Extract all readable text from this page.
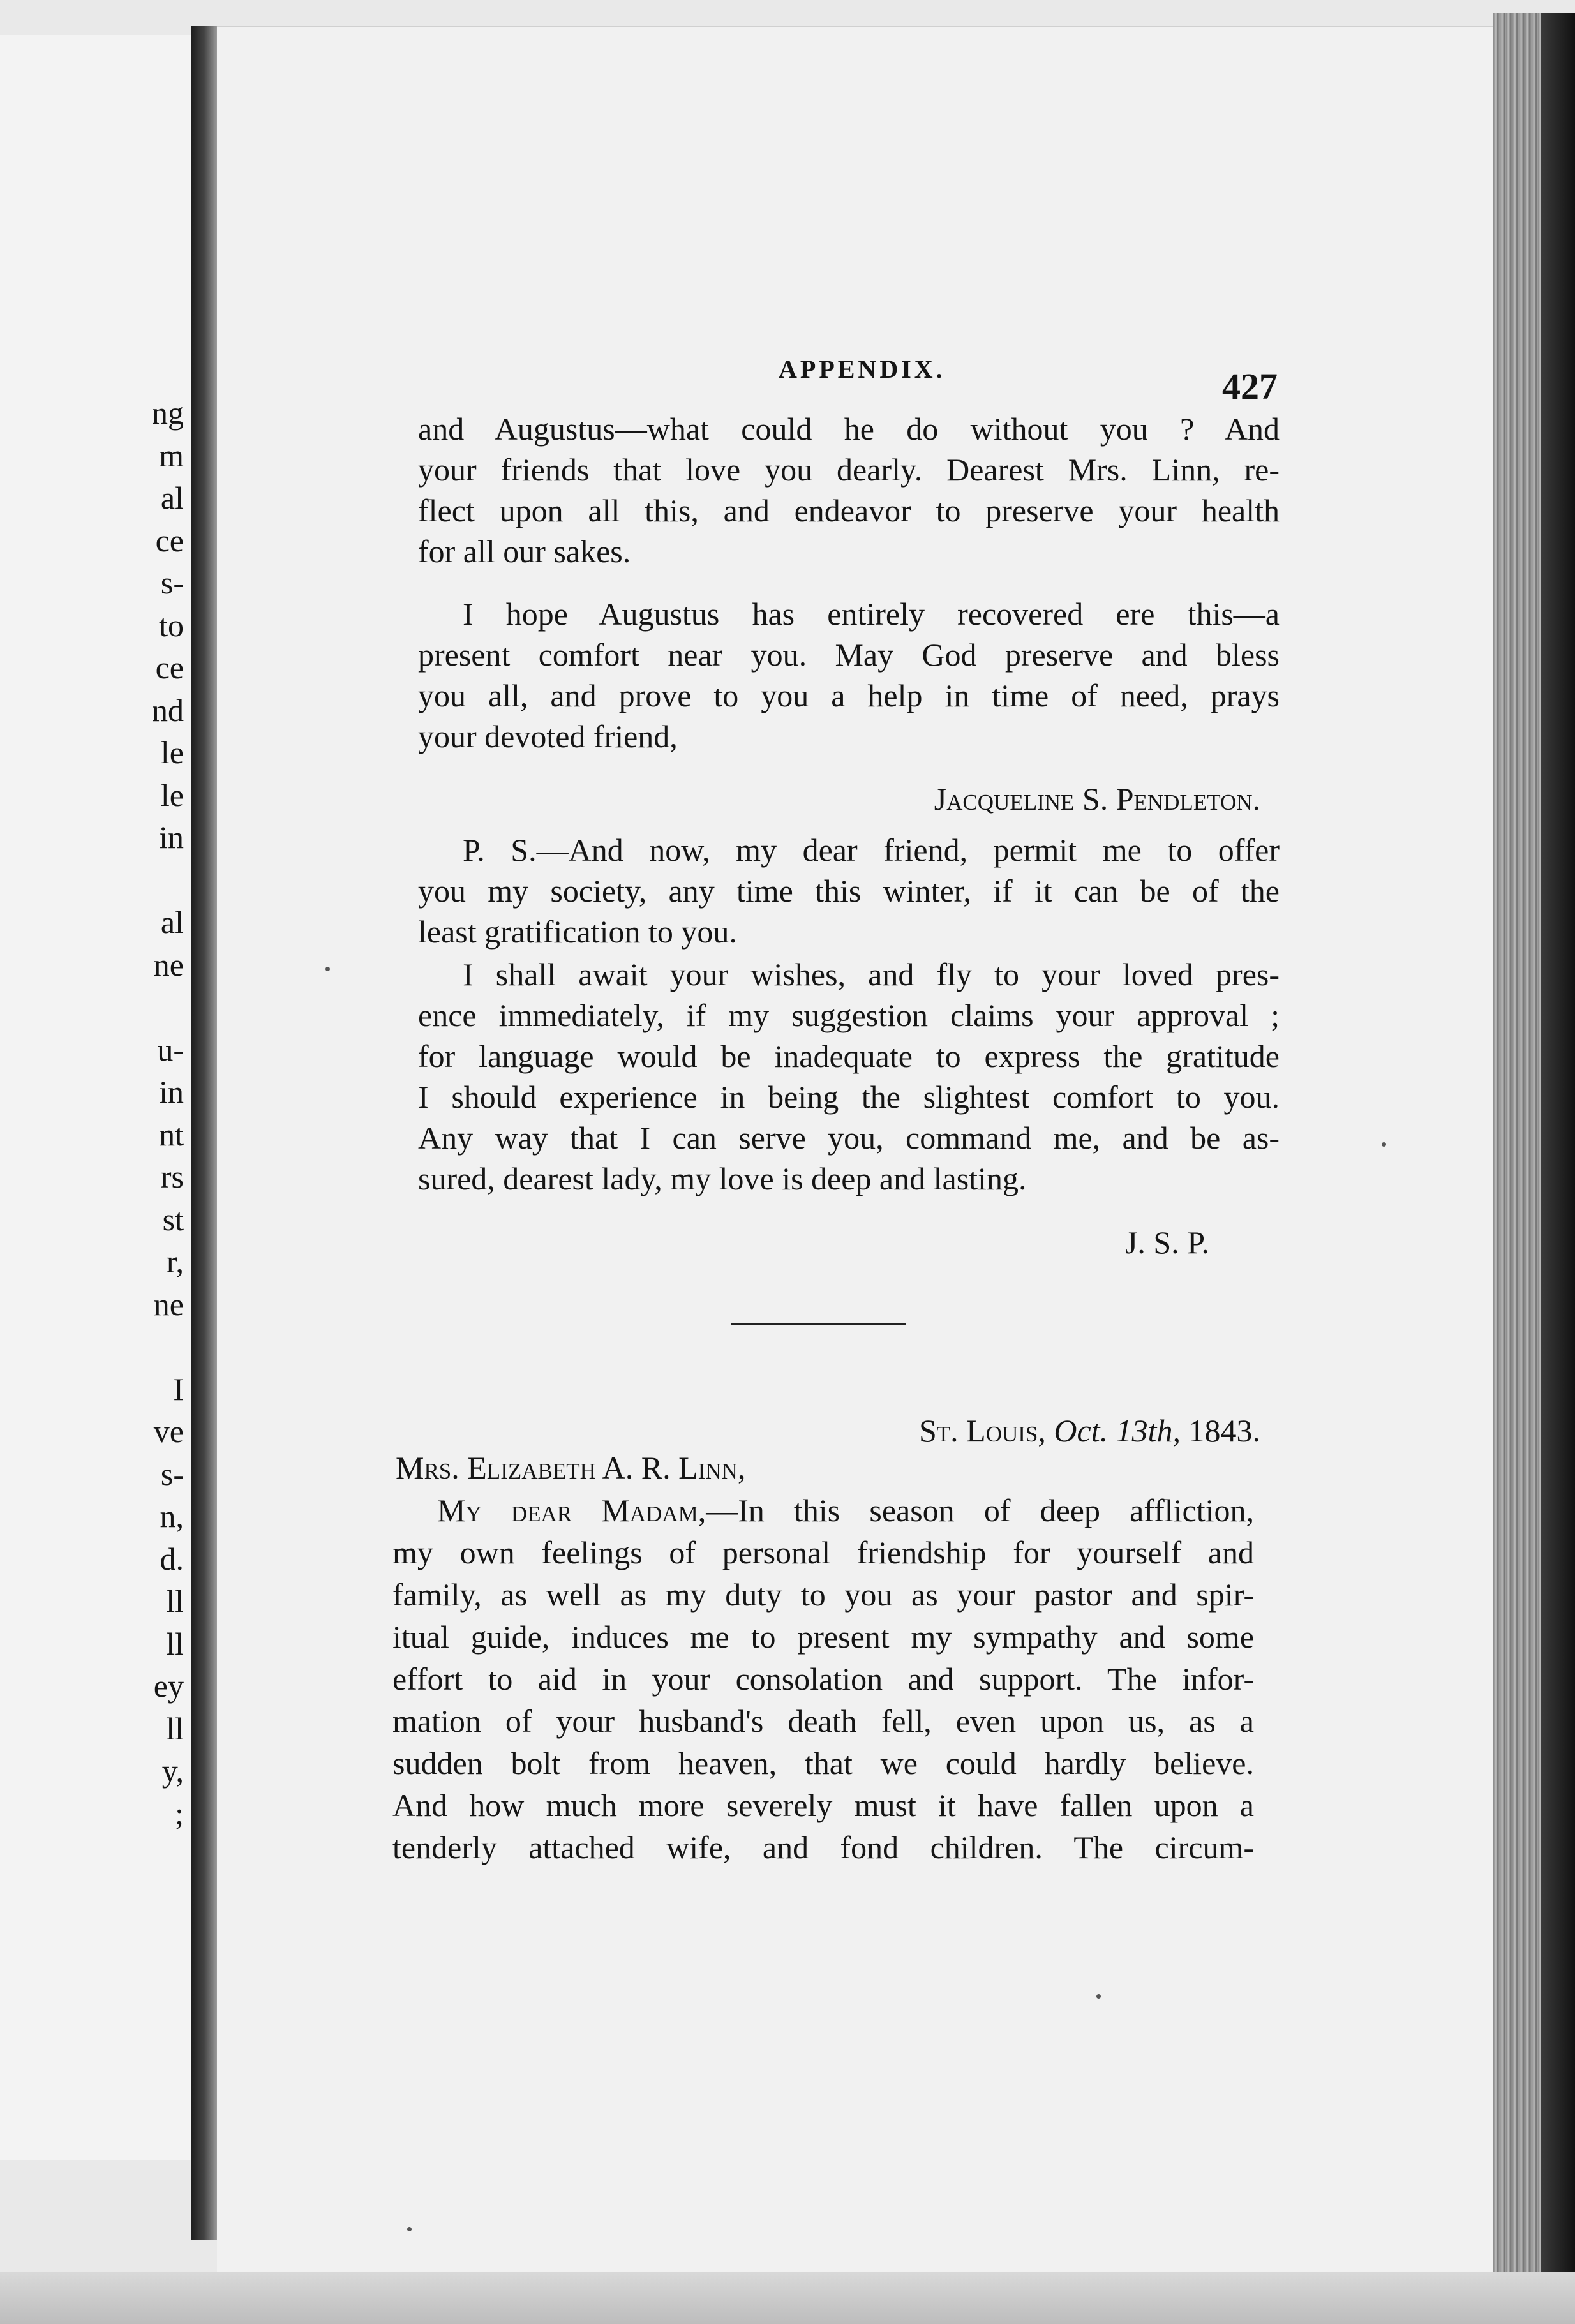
ng
m
al
ce
s-
to
ce
nd
le
le
in
al
ne
u-
in
nt
rs
st
r,
ne
I
ve
s-
n,
d.
ll
ll
ey
ll
y,
;
APPENDIX.	427
and Augustus—what could he do without you ? And
your friends that love you dearly. Dearest Mrs. Linn, re-
flect upon all this, and endeavor to preserve your health
for all our sakes.
I hope Augustus has entirely recovered ere this—a
present comfort near you. May God preserve and bless
you all, and prove to you a help in time of need, prays
your devoted friend,
Jacqueline S. Pendleton.
P. S.—And now, my dear friend, permit me to offer
you my society, any time this winter, if it can be of the
least gratification to you.
I shall await your wishes, and fly to your loved pres-
ence immediately, if my suggestion claims your approval ;
for language would be inadequate to express the gratitude
I should experience in being the slightest comfort to you.
Any way that I can serve you, command me, and be as-
sured, dearest lady, my love is deep and lasting.
J. S. P.
St. Louis, Oct. 13th, 1843.
Mrs. Elizabeth A. R. Linn,
My dear Madam,—In this season of deep affliction,
my own feelings of personal friendship for yourself and
family, as well as my duty to you as your pastor and spir-
itual guide, induces me to present my sympathy and some
effort to aid in your consolation and support. The infor-
mation of your husband's death fell, even upon us, as a
sudden bolt from heaven, that we could hardly believe.
And how much more severely must it have fallen upon a
tenderly attached wife, and fond children. The circum-
